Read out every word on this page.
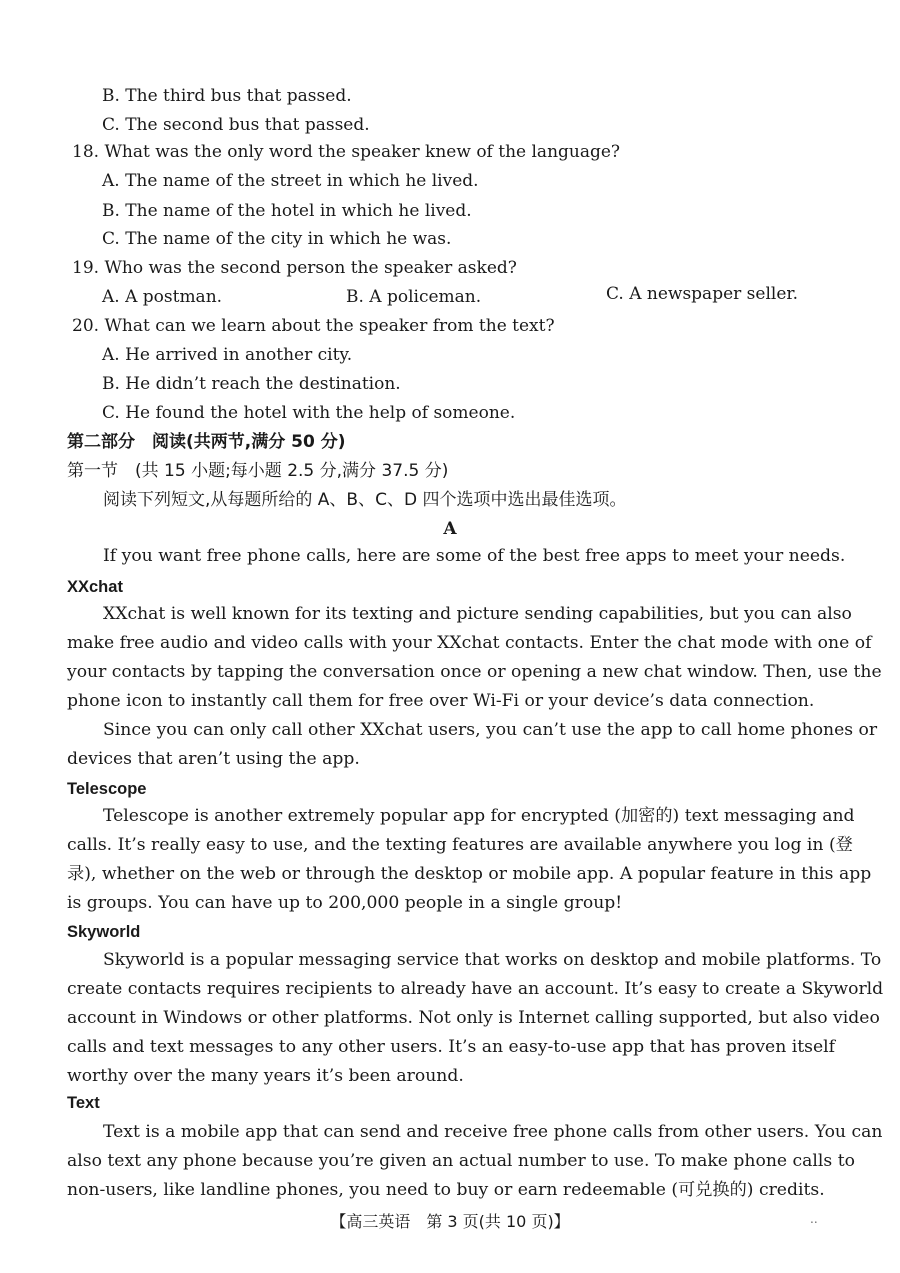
B. The third bus that passed.
C. The second bus that passed.
18. What was the only word the speaker knew of the language?
A. The name of the street in which he lived.
B. The name of the hotel in which he lived.
C. The name of the city in which he was.
19. Who was the second person the speaker asked?
A. A postman.	B. A policeman.	C. A newspaper seller.
20. What can we learn about the speaker from the text?
A. He arrived in another city.
B. He didn’t reach the destination.
C. He found the hotel with the help of someone.
第二部分　阅读(共两节,满分 50 分)
第一节　(共 15 小题;每小题 2.5 分,满分 37.5 分)
阅读下列短文,从每题所给的 A、B、C、D 四个选项中选出最佳选项。
A
If you want free phone calls, here are some of the best free apps to meet your needs.
XXchat
XXchat is well known for its texting and picture sending capabilities, but you can also
make free audio and video calls with your XXchat contacts. Enter the chat mode with one of
your contacts by tapping the conversation once or opening a new chat window. Then, use the
phone icon to instantly call them for free over Wi-Fi or your device’s data connection.
Since you can only call other XXchat users, you can’t use the app to call home phones or
devices that aren’t using the app.
Telescope
Telescope is another extremely popular app for encrypted (加密的) text messaging and
calls. It’s really easy to use, and the texting features are available anywhere you log in (登
录), whether on the web or through the desktop or mobile app. A popular feature in this app
is groups. You can have up to 200,000 people in a single group!
Skyworld
Skyworld is a popular messaging service that works on desktop and mobile platforms. To
create contacts requires recipients to already have an account. It’s easy to create a Skyworld
account in Windows or other platforms. Not only is Internet calling supported, but also video
calls and text messages to any other users. It’s an easy-to-use app that has proven itself
worthy over the many years it’s been around.
Text
Text is a mobile app that can send and receive free phone calls from other users. You can
also text any phone because you’re given an actual number to use. To make phone calls to
non-users, like landline phones, you need to buy or earn redeemable (可兑换的) credits.
【高三英语　第 3 页(共 10 页)】	..
